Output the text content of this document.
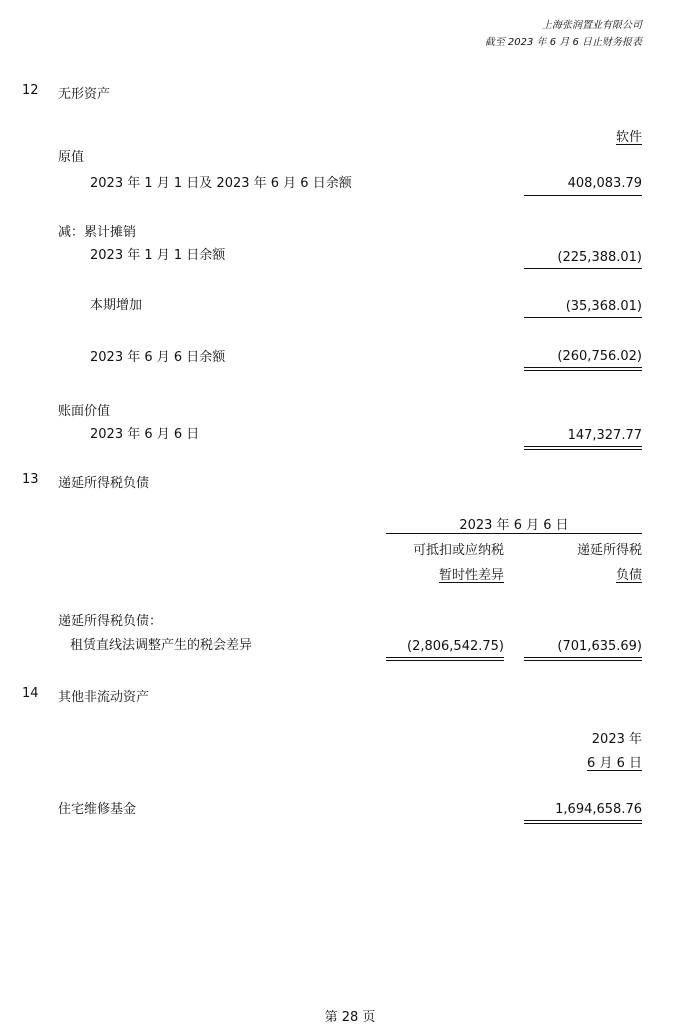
上海张润置业有限公司
截至 2023 年 6 月 6 日止财务报表
12 无形资产
软件
原值
2023 年 1 月 1 日及 2023 年 6 月 6 日余额	408,083.79
减：累计摊销
2023 年 1 月 1 日余额	(225,388.01)
本期增加	(35,368.01)
2023 年 6 月 6 日余额	(260,756.02)
账面价值
2023 年 6 月 6 日	147,327.77
13 递延所得税负债
2023 年 6 月 6 日
可抵扣或应纳税
暂时性差异
递延所得税
负债
递延所得税负债：
租赁直线法调整产生的税会差异	(2,806,542.75)	(701,635.69)
14 其他非流动资产
2023 年
6 月 6 日
住宅维修基金	1,694,658.76
第 28 页
